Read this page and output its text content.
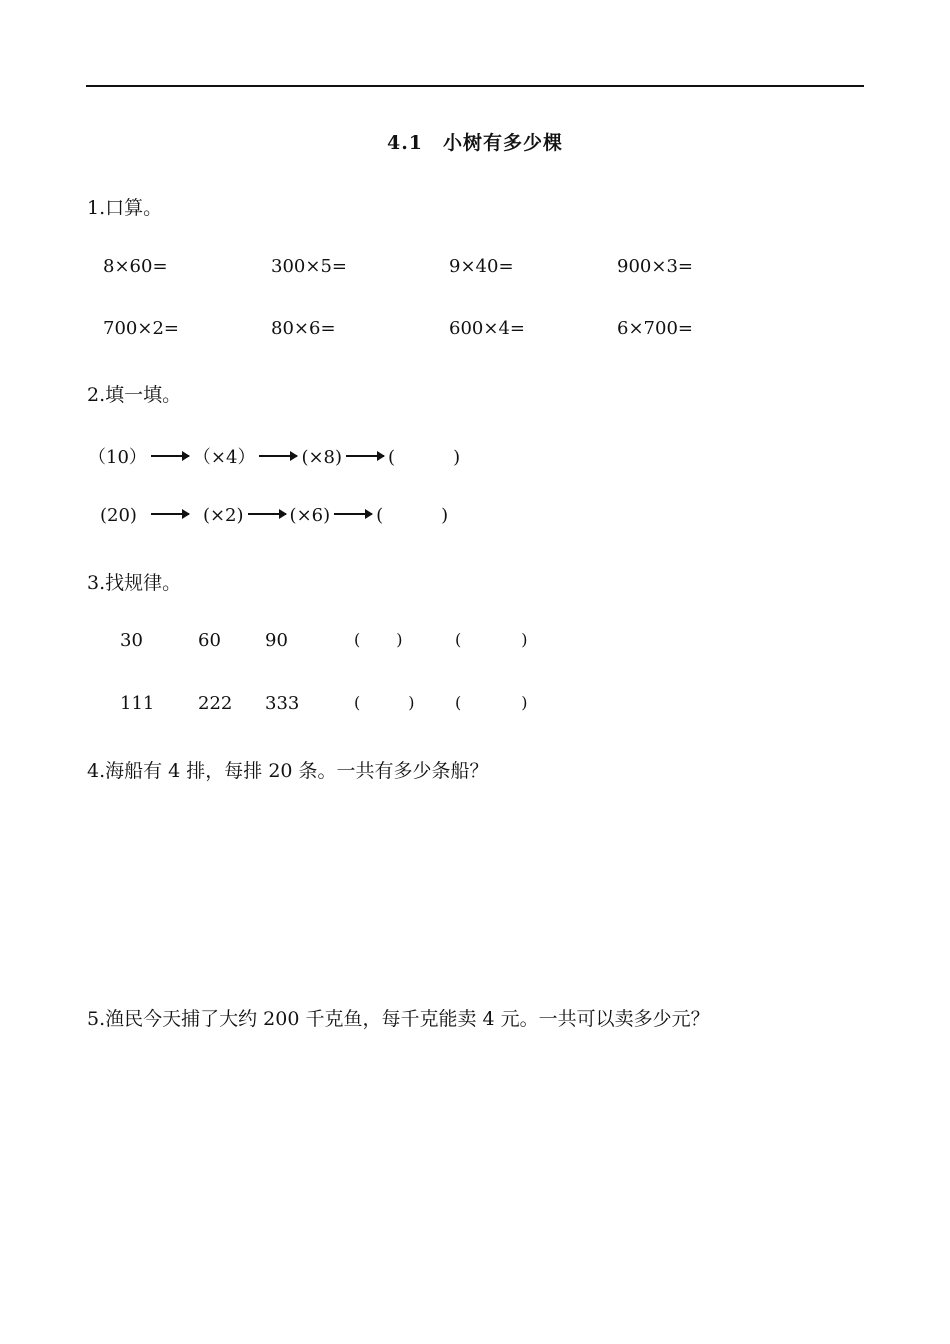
4.1　小树有多少棵
1.口算。
8×60=	300×5=	9×40=	900×3=
700×2=	80×6=	600×4=	6×700=
2.填一填。
（10）	（×4）	(×8)	(	)
(20)	(×2)	(×6)	(	)
3.找规律。
30	60 90	( )	(	)
111 222 333	(	)	(	)
4.海船有 4 排，每排 20 条。一共有多少条船？
5.渔民今天捕了大约 200 千克鱼，每千克能卖 4 元。一共可以卖多少元？
